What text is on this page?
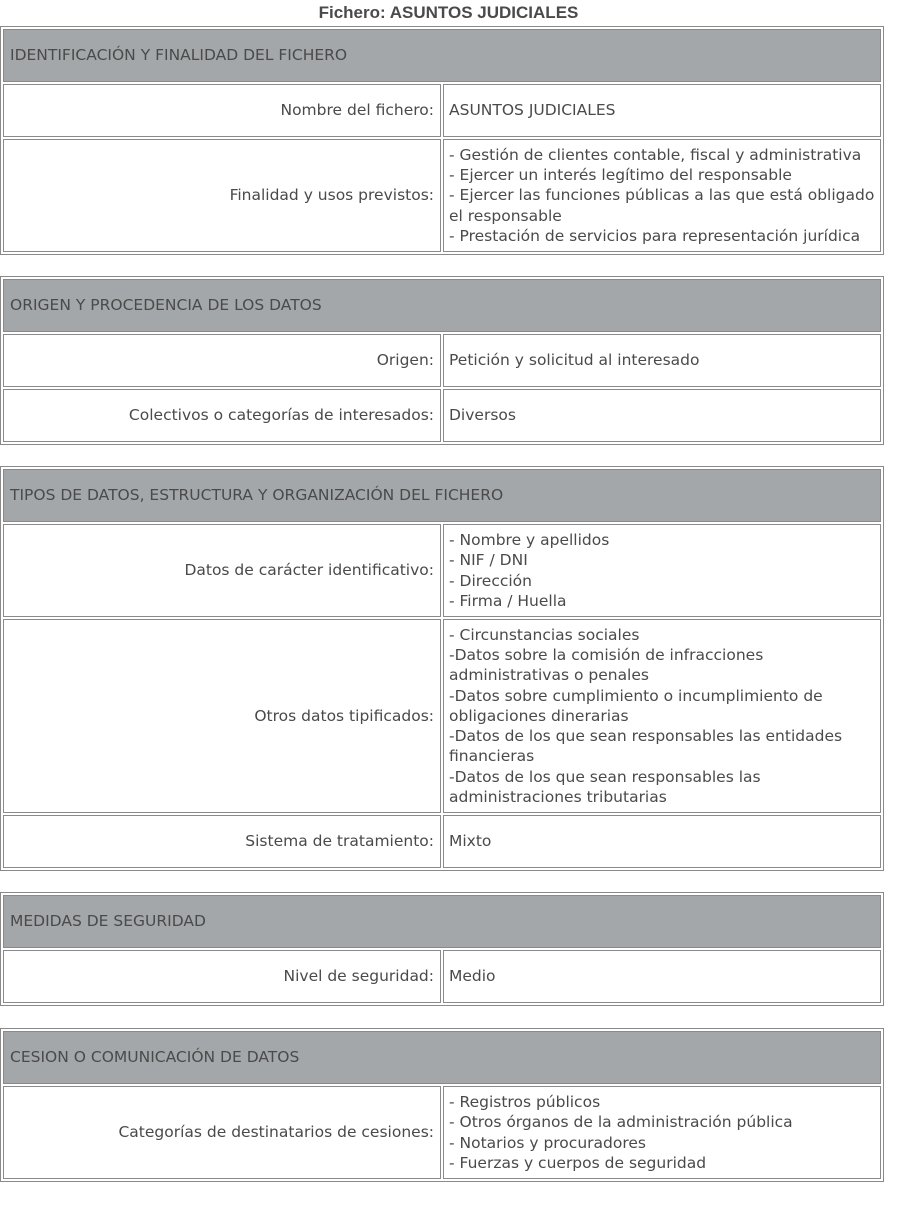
Fichero: ASUNTOS JUDICIALES
IDENTIFICACIÓN Y FINALIDAD DEL FICHERO	
Nombre del fichero:	ASUNTOS JUDICIALES

Finalidad y usos previstos:	- Gestión de clientes contable, fiscal y administrativa
- Ejercer un interés legítimo del responsable
- Ejercer las funciones públicas a las que está obligado el responsable
- Prestación de servicios para representación jurídica
ORIGEN Y PROCEDENCIA DE LOS DATOS	
Origen:	Petición y solicitud al interesado

Colectivos o categorías de interesados:	Diversos
TIPOS DE DATOS, ESTRUCTURA Y ORGANIZACIÓN DEL FICHERO	
Datos de carácter identificativo:	- Nombre y apellidos
- NIF / DNI
- Dirección
- Firma / Huella

Otros datos tipificados:	- Circunstancias sociales
-Datos sobre la comisión de infracciones administrativas o penales
-Datos sobre cumplimiento o incumplimiento de obligaciones dinerarias
-Datos de los que sean responsables las entidades financieras
-Datos de los que sean responsables las administraciones tributarias

Sistema de tratamiento:	Mixto
MEDIDAS DE SEGURIDAD
Nivel de seguridad:	Medio
CESION O COMUNICACIÓN DE DATOS
Categorías de destinatarios de cesiones:	
- Registros públicos
- Otros órganos de la administración pública
- Notarios y procuradores
- Fuerzas y cuerpos de seguridad
